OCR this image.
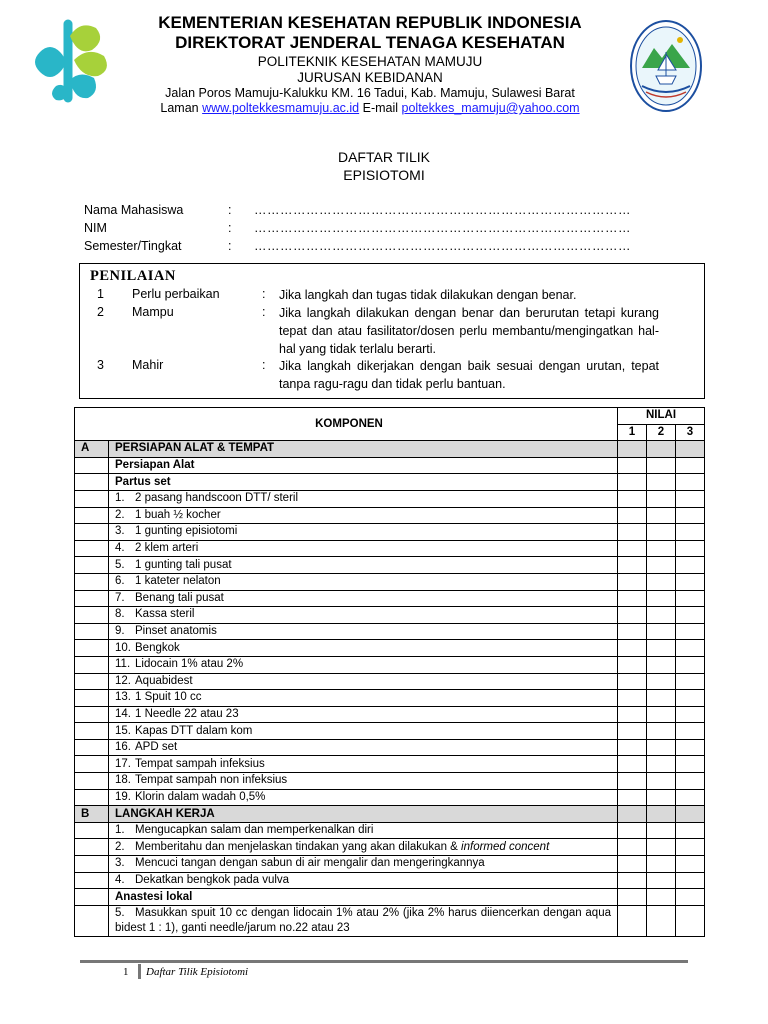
KEMENTERIAN KESEHATAN REPUBLIK INDONESIA
DIREKTORAT JENDERAL TENAGA KESEHATAN
POLITEKNIK KESEHATAN MAMUJU
JURUSAN KEBIDANAN
Jalan Poros Mamuju-Kalukku KM. 16 Tadui, Kab. Mamuju, Sulawesi Barat
Laman www.poltekkesmamuju.ac.id E-mail poltekkes_mamuju@yahoo.com
DAFTAR TILIK
EPISIOTOMI
Nama Mahasiswa	: ……………………………………………………………………………
NIM	: ……………………………………………………………………………
Semester/Tingkat	: ……………………………………………………………………………
PENILAIAN
1 Perlu perbaikan	: Jika langkah dan tugas tidak dilakukan dengan benar.
2 Mampu	: Jika langkah dilakukan dengan benar dan berurutan tetapi kurang tepat dan atau fasilitator/dosen perlu membantu/mengingatkan hal-hal yang tidak terlalu berarti.
3 Mahir	: Jika langkah dikerjakan dengan baik sesuai dengan urutan, tepat tanpa ragu-ragu dan tidak perlu bantuan.
KOMPONEN		NILAI		
		1	2	3
A	PERSIAPAN ALAT & TEMPAT			
	Persiapan Alat			
	Partus set			
	1. 2 pasang handscoon DTT/ steril			
	2. 1 buah ½ kocher			
	3. 1 gunting episiotomi			
	4. 2 klem arteri			
	5. 1 gunting tali pusat			
	6. 1 kateter nelaton			
	7. Benang tali pusat			
	8. Kassa steril			
	9. Pinset anatomis			
	10. Bengkok			
	11. Lidocain 1% atau 2%			
	12. Aquabidest			
	13. 1 Spuit 10 cc			
	14. 1 Needle 22 atau 23			
	15. Kapas DTT dalam kom			
	16. APD set			
	17. Tempat sampah infeksius			
	18. Tempat sampah non infeksius			
	19. Klorin dalam wadah 0,5%			
B	LANGKAH KERJA			
	1. Mengucapkan salam dan memperkenalkan diri			
	2. Memberitahu dan menjelaskan tindakan yang akan dilakukan & informed concent			
	3. Mencuci tangan dengan sabun di air mengalir dan mengeringkannya			
	4. Dekatkan bengkok pada vulva			
	Anastesi lokal			
	5. Masukkan spuit 10 cc dengan lidocain 1% atau 2% (jika 2% harus diiencerkan dengan aqua bidest 1 : 1), ganti needle/jarum no.22 atau 23			
1 Daftar Tilik Episiotomi
